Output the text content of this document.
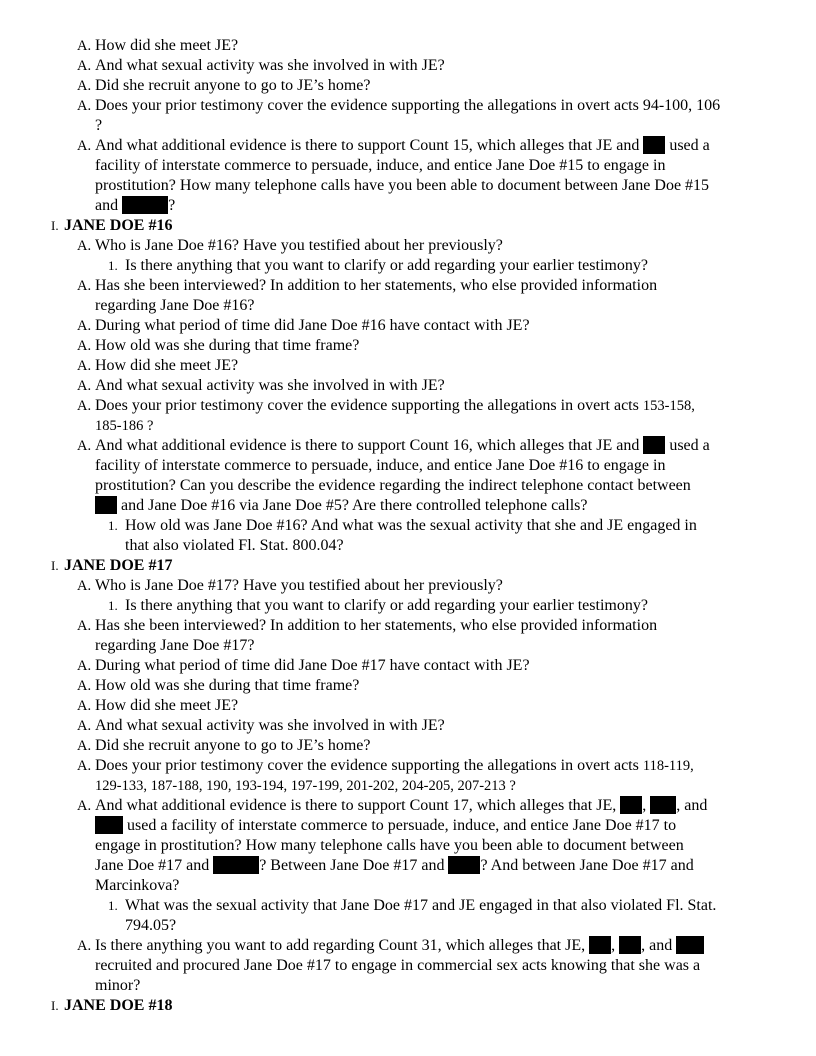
A. How did she meet JE?
A. And what sexual activity was she involved in with JE?
A. Did she recruit anyone to go to JE’s home?
A. Does your prior testimony cover the evidence supporting the allegations in overt acts 94-100, 106
?
A. And what additional evidence is there to support Count 15, which alleges that JE and used a
facility of interstate commerce to persuade, induce, and entice Jane Doe #15 to engage in
prostitution? How many telephone calls have you been able to document between Jane Doe #15
and	?
I. JANE DOE #16
A. Who is Jane Doe #16? Have you testified about her previously?
1. Is there anything that you want to clarify or add regarding your earlier testimony?
A. Has she been interviewed? In addition to her statements, who else provided information
regarding Jane Doe #16?
A. During what period of time did Jane Doe #16 have contact with JE?
A. How old was she during that time frame?
A. How did she meet JE?
A. And what sexual activity was she involved in with JE?
A. Does your prior testimony cover the evidence supporting the allegations in overt acts 153-158,
185-186 ?
A. And what additional evidence is there to support Count 16, which alleges that JE and used a
facility of interstate commerce to persuade, induce, and entice Jane Doe #16 to engage in
prostitution? Can you describe the evidence regarding the indirect telephone contact between
and Jane Doe #16 via Jane Doe #5? Are there controlled telephone calls?
1. How old was Jane Doe #16? And what was the sexual activity that she and JE engaged in
that also violated Fl. Stat. 800.04?
I. JANE DOE #17
A. Who is Jane Doe #17? Have you testified about her previously?
1. Is there anything that you want to clarify or add regarding your earlier testimony?
A. Has she been interviewed? In addition to her statements, who else provided information
regarding Jane Doe #17?
A. During what period of time did Jane Doe #17 have contact with JE?
A. How old was she during that time frame?
A. How did she meet JE?
A. And what sexual activity was she involved in with JE?
A. Did she recruit anyone to go to JE’s home?
A. Does your prior testimony cover the evidence supporting the allegations in overt acts 118-119,
129-133, 187-188, 190, 193-194, 197-199, 201-202, 204-205, 207-213 ?
A. And what additional evidence is there to support Count 17, which alleges that JE, , , and
used a facility of interstate commerce to persuade, induce, and entice Jane Doe #17 to
engage in prostitution? How many telephone calls have you been able to document between
Jane Doe #17 and	? Between Jane Doe #17 and ? And between Jane Doe #17 and
Marcinkova?
1. What was the sexual activity that Jane Doe #17 and JE engaged in that also violated Fl. Stat.
794.05?
A. Is there anything you want to add regarding Count 31, which alleges that JE, , , and
recruited and procured Jane Doe #17 to engage in commercial sex acts knowing that she was a
minor?
I. JANE DOE #18
